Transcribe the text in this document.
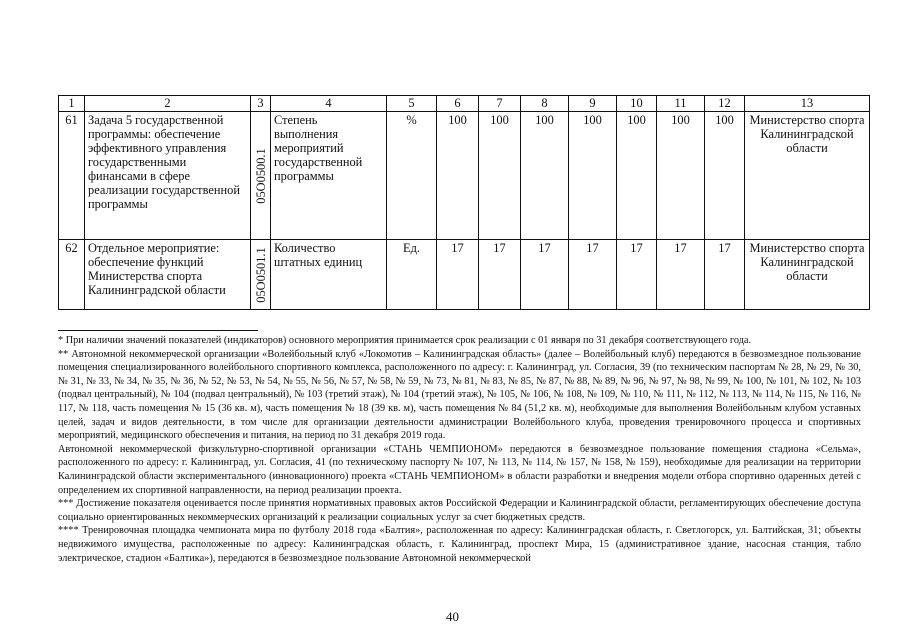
1	2	3	4	5	6	7	8	9	10	11	12	13
61	Задача 5 государственной программы: обеспечение эффективного управления государственными финансами в сфере реализации государственной программы	05O0500.1	Степень выполнения мероприятий государственной программы	%	100	100	100	100	100	100	100	Министерство спорта Калининградской области
62	Отдельное мероприятие: обеспечение функций Министерства спорта Калининградской области	05O0501.1	Количество штатных единиц	Ед.	17	17	17	17	17	17	17	Министерство спорта Калининградской области

* При наличии значений показателей (индикаторов) основного мероприятия принимается срок реализации с 01 января по 31 декабря соответствующего года.

** Автономной некоммерческой организации «Волейбольный клуб «Локомотив – Калининградская область» (далее – Волейбольный клуб) передаются в безвозмездное пользование помещения специализированного волейбольного спортивного комплекса, расположенного по адресу: г. Калининград, ул. Согласия, 39 (по техническим паспортам № 28, № 29, № 30, № 31, № 33, № 34, № 35, № 36, № 52, № 53, № 54, № 55, № 56, № 57, № 58, № 59, № 73, № 81, № 83, № 85, № 87, № 88, № 89, № 96, № 97, № 98, № 99, № 100, № 101, № 102, № 103 (подвал центральный), № 104 (подвал центральный), № 103 (третий этаж), № 104 (третий этаж), № 105, № 106, № 108, № 109, № 110, № 111, № 112, № 113, № 114, № 115, № 116, № 117, № 118, часть помещения № 15 (36 кв. м), часть помещения № 18 (39 кв. м), часть помещения № 84 (51,2 кв. м), необходимые для выполнения Волейбольным клубом уставных целей, задач и видов деятельности, в том числе для организации деятельности администрации Волейбольного клуба, проведения тренировочного процесса и спортивных мероприятий, медицинского обеспечения и питания, на период по 31 декабря 2019 года.

Автономной некоммерческой физкультурно-спортивной организации «СТАНЬ ЧЕМПИОНОМ» передаются в безвозмездное пользование помещения стадиона «Сельма», расположенного по адресу: г. Калининград, ул. Согласия, 41 (по техническому паспорту № 107, № 113, № 114, № 157, № 158, № 159), необходимые для реализации на территории Калининградской области экспериментального (инновационного) проекта «СТАНЬ ЧЕМПИОНОМ» в области разработки и внедрения модели отбора спортивно одаренных детей с определением их спортивной направленности, на период реализации проекта.

*** Достижение показателя оценивается после принятия нормативных правовых актов Российской Федерации и Калининградской области, регламентирующих обеспечение доступа социально ориентированных некоммерческих организаций к реализации социальных услуг за счет бюджетных средств.

**** Тренировочная площадка чемпионата мира по футболу 2018 года «Балтия», расположенная по адресу: Калининградская область, г. Светлогорск, ул. Балтийская, 31; объекты недвижимого имущества, расположенные по адресу: Калининградская область, г. Калининград, проспект Мира, 15 (административное здание, насосная станция, табло электрическое, стадион «Балтика»), передаются в безвозмездное пользование Автономной некоммерческой

40
